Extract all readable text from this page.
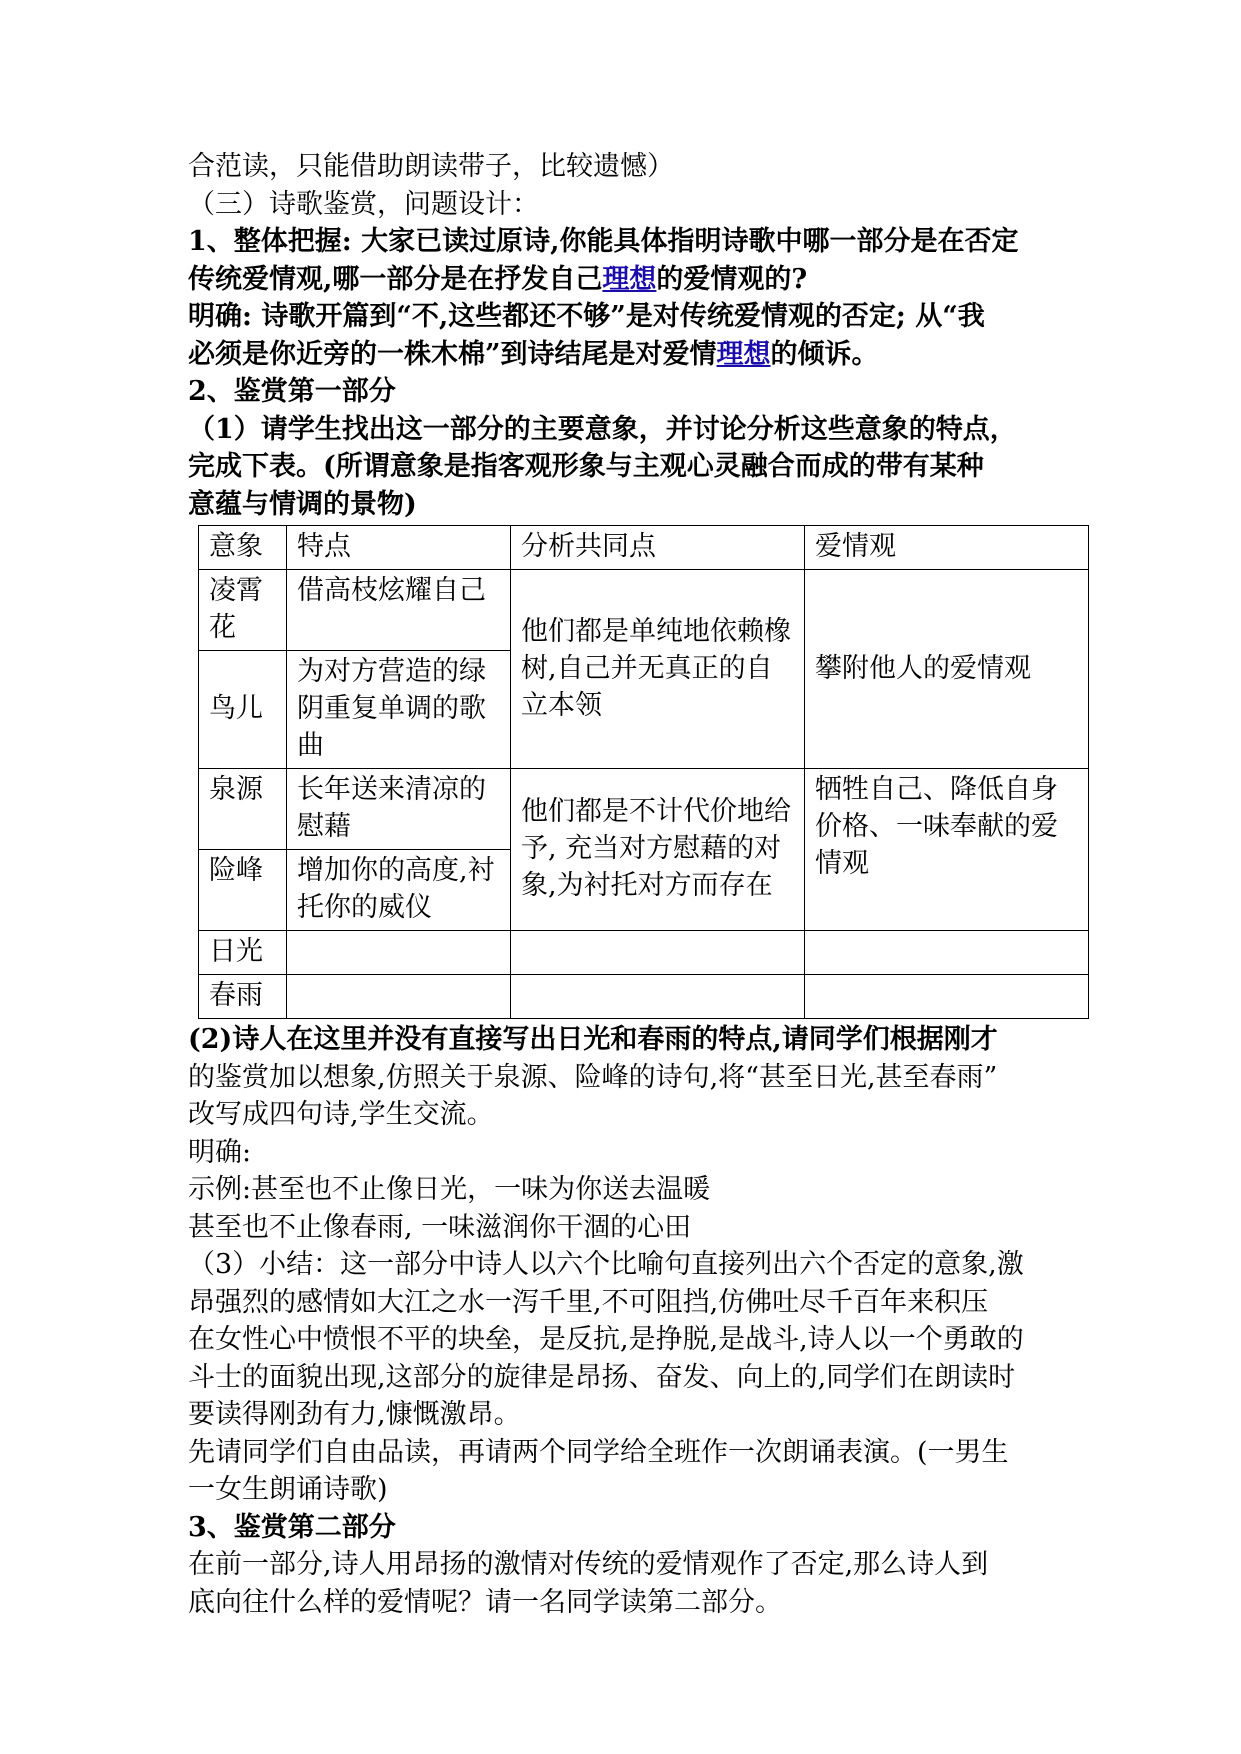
合范读，只能借助朗读带子，比较遗憾）
（三）诗歌鉴赏，问题设计：
1、整体把握: 大家已读过原诗,你能具体指明诗歌中哪一部分是在否定
传统爱情观,哪一部分是在抒发自己理想的爱情观的?
明确: 诗歌开篇到“不,这些都还不够”是对传统爱情观的否定; 从“我
必须是你近旁的一株木棉”到诗结尾是对爱情理想的倾诉。
2、鉴赏第一部分
（1）请学生找出这一部分的主要意象，并讨论分析这些意象的特点，
完成下表。(所谓意象是指客观形象与主观心灵融合而成的带有某种
意蕴与情调的景物)
意象	特点	分析共同点	爱情观
凌霄花	借高枝炫耀自己	他们都是单纯地依赖橡树,自己并无真正的自立本领	攀附他人的爱情观
鸟儿	为对方营造的绿阴重复单调的歌曲		
泉源	长年送来清凉的慰藉	他们都是不计代价地给予, 充当对方慰藉的对象,为衬托对方而存在	牺牲自己、降低自身价格、一味奉献的爱情观
险峰	增加你的高度,衬托你的威仪		
日光			
春雨			
(2)诗人在这里并没有直接写出日光和春雨的特点,请同学们根据刚才
的鉴赏加以想象,仿照关于泉源、险峰的诗句,将“甚至日光,甚至春雨”
改写成四句诗,学生交流。
明确:
示例:甚至也不止像日光，一味为你送去温暖
甚至也不止像春雨, 一味滋润你干涸的心田
（3）小结：这一部分中诗人以六个比喻句直接列出六个否定的意象,激
昂强烈的感情如大江之水一泻千里,不可阻挡,仿佛吐尽千百年来积压
在女性心中愤恨不平的块垒，是反抗,是挣脱,是战斗,诗人以一个勇敢的
斗士的面貌出现,这部分的旋律是昂扬、奋发、向上的,同学们在朗读时
要读得刚劲有力,慷慨激昂。
先请同学们自由品读，再请两个同学给全班作一次朗诵表演。(一男生
一女生朗诵诗歌)
3、鉴赏第二部分
在前一部分,诗人用昂扬的激情对传统的爱情观作了否定,那么诗人到
底向往什么样的爱情呢？请一名同学读第二部分。
